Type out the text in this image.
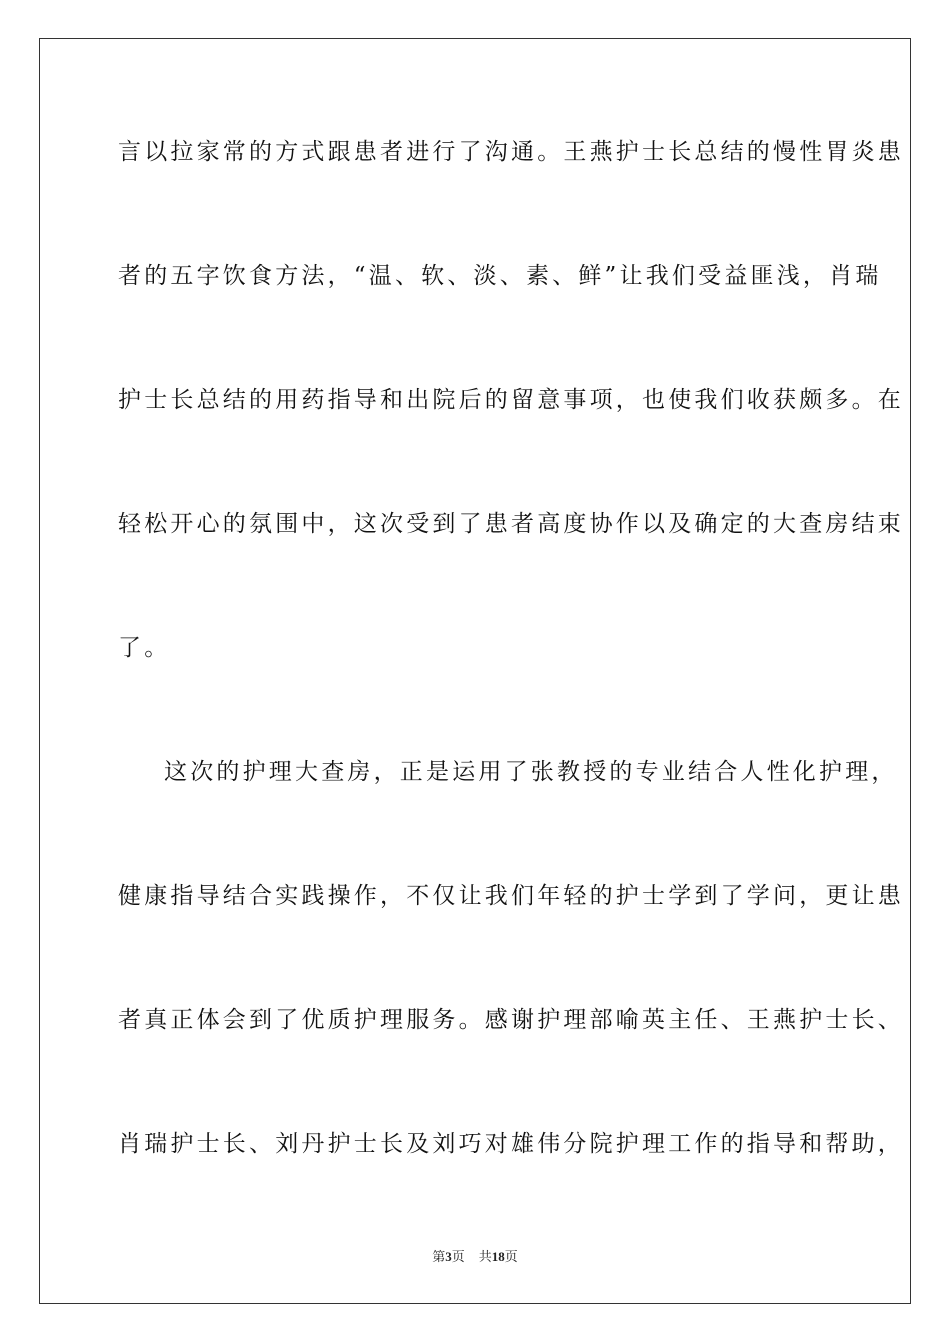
言以拉家常的方式跟患者进行了沟通。王燕护士长总结的慢性胃炎患
者的五字饮食方法，“温、软、淡、素、鲜”让我们受益匪浅，肖瑞
护士长总结的用药指导和出院后的留意事项，也使我们收获颇多。在
轻松开心的氛围中，这次受到了患者高度协作以及确定的大查房结束
了。
这次的护理大查房，正是运用了张教授的专业结合人性化护理，
健康指导结合实践操作，不仅让我们年轻的护士学到了学问，更让患
者真正体会到了优质护理服务。感谢护理部喻英主任、王燕护士长、
肖瑞护士长、刘丹护士长及刘巧对雄伟分院护理工作的指导和帮助，
第3页 共18页
